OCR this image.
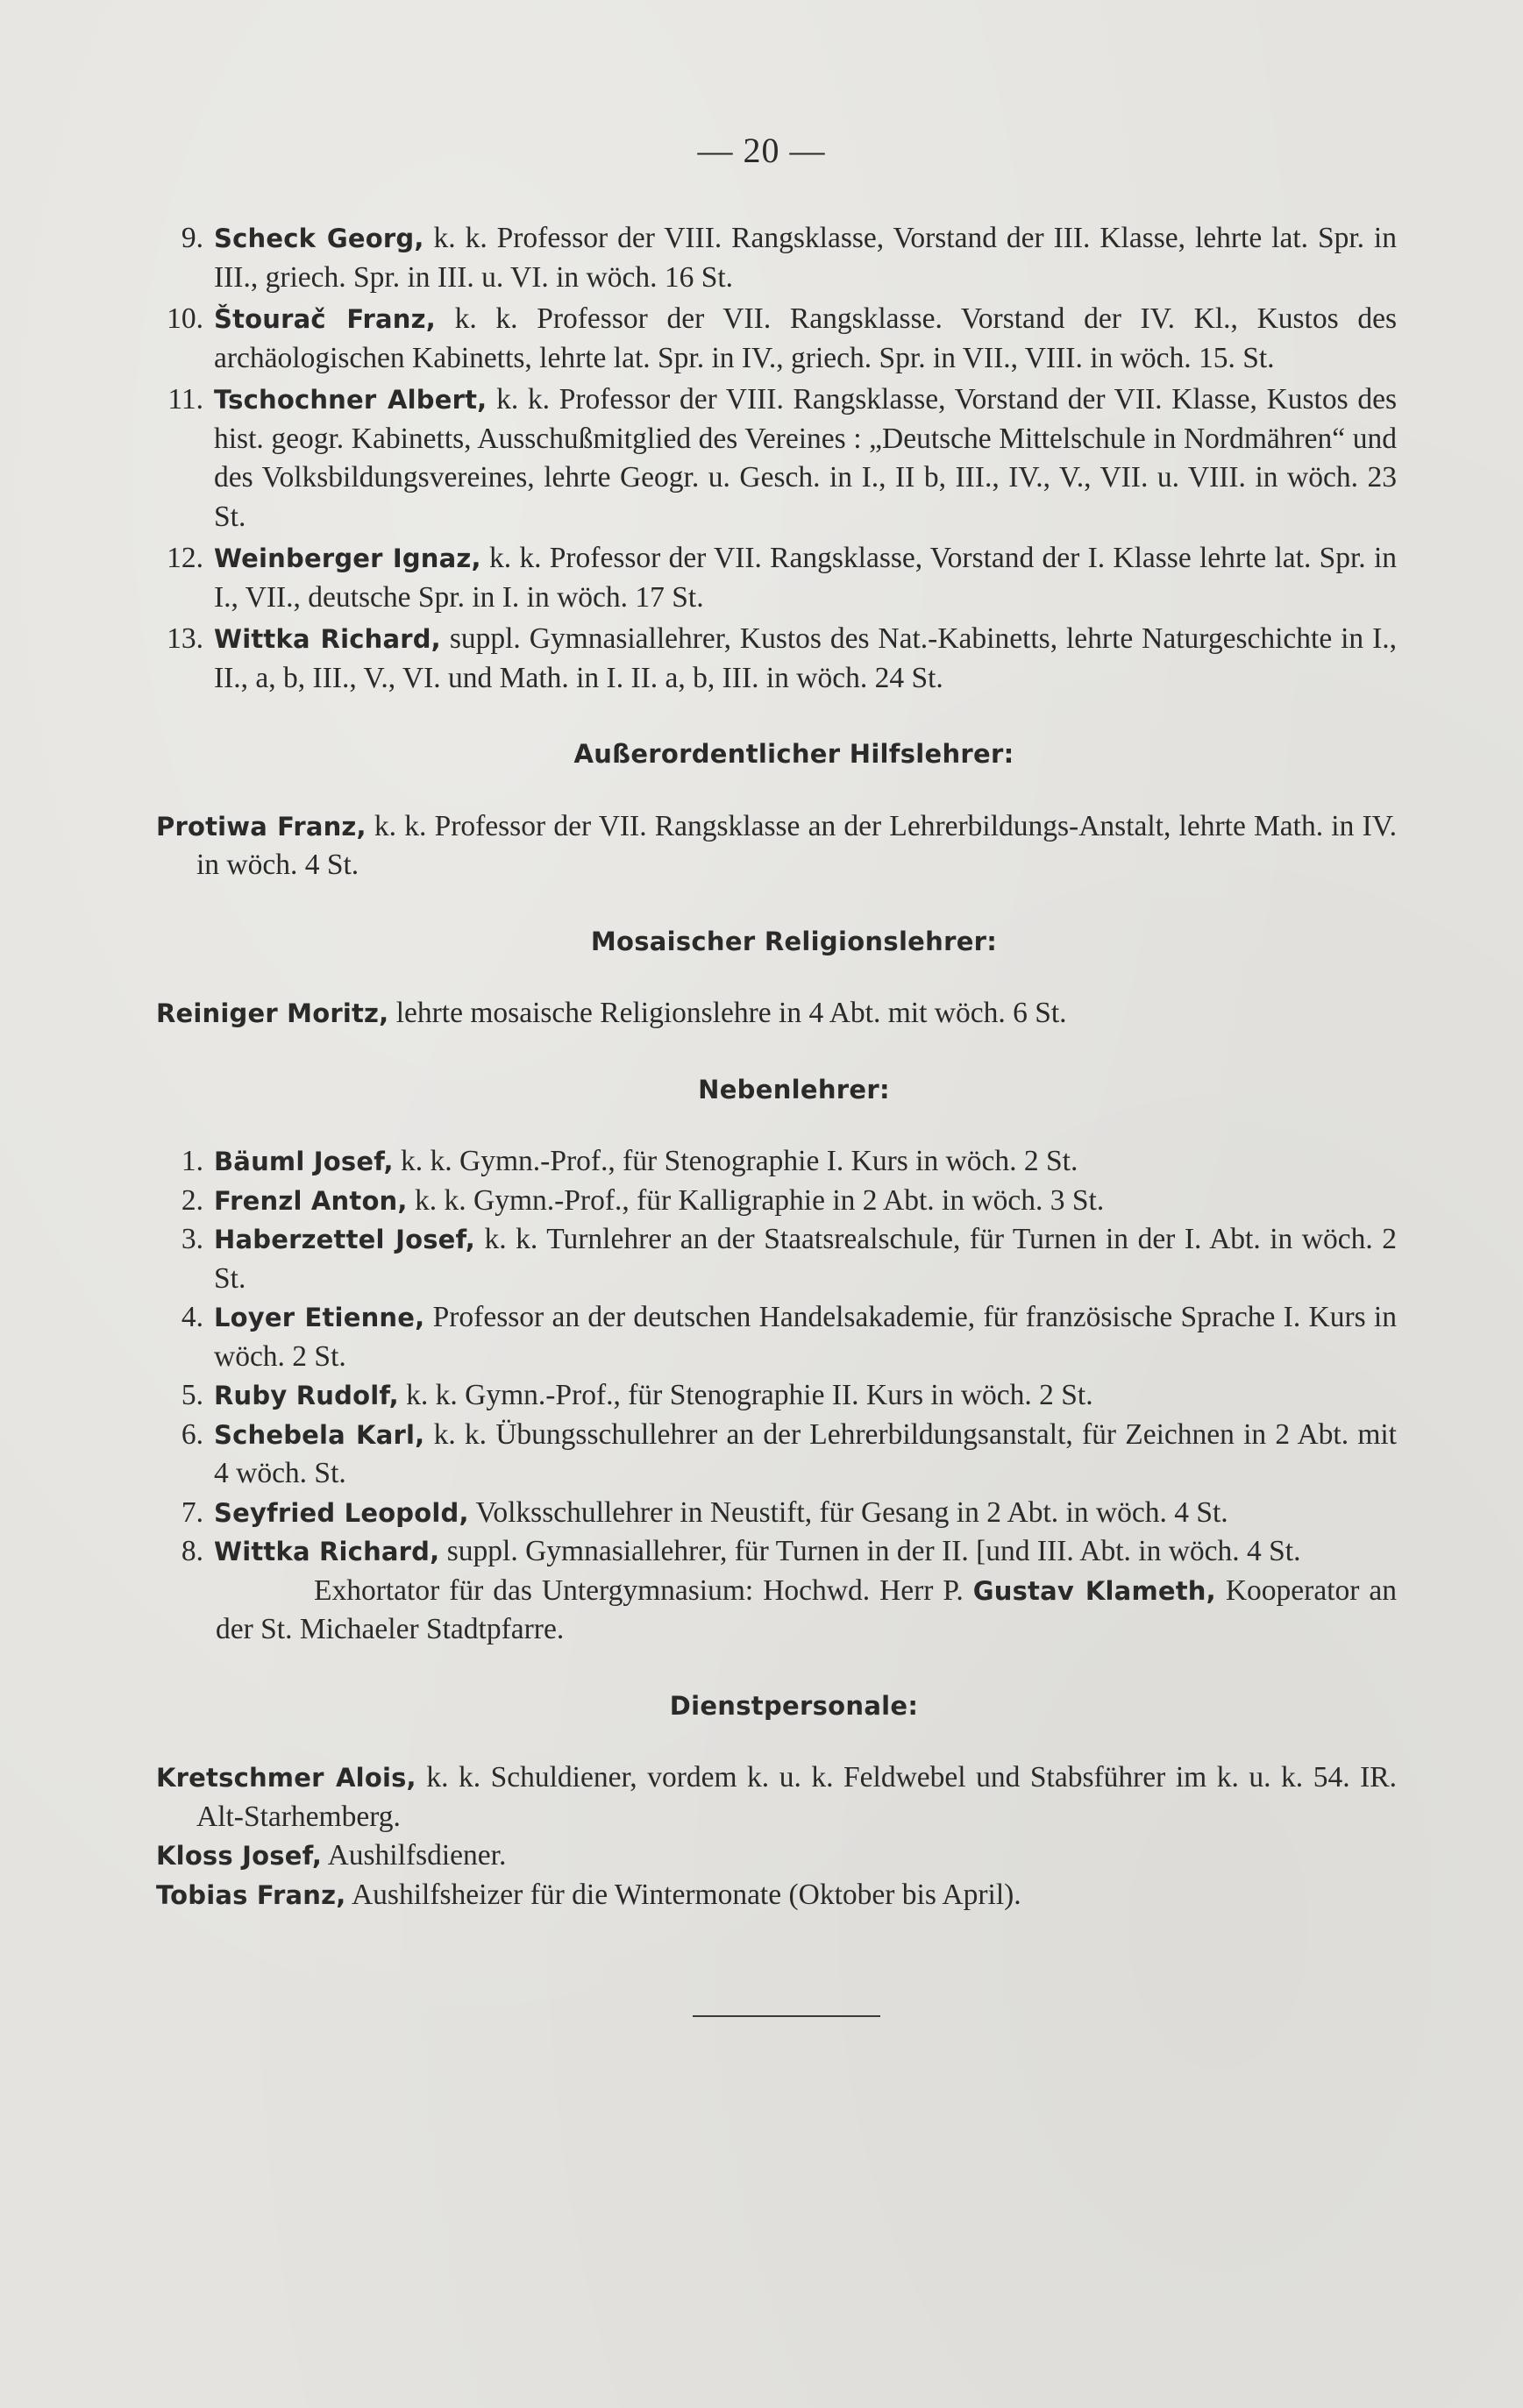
— 20 —
9. Scheck Georg, k. k. Professor der VIII. Rangsklasse, Vorstand der III. Klasse, lehrte lat. Spr. in III., griech. Spr. in III. u. VI. in wöch. 16 St.
10. Štourač Franz, k. k. Professor der VII. Rangsklasse. Vorstand der IV. Kl., Kustos des archäologischen Kabinetts, lehrte lat. Spr. in IV., griech. Spr. in VII., VIII. in wöch. 15. St.
11. Tschochner Albert, k. k. Professor der VIII. Rangsklasse, Vorstand der VII. Klasse, Kustos des hist. geogr. Kabinetts, Ausschußmitglied des Vereines : „Deutsche Mittelschule in Nordmähren“ und des Volksbildungsvereines, lehrte Geogr. u. Gesch. in I., II b, III., IV., V., VII. u. VIII. in wöch. 23 St.
12. Weinberger Ignaz, k. k. Professor der VII. Rangsklasse, Vorstand der I. Klasse lehrte lat. Spr. in I., VII., deutsche Spr. in I. in wöch. 17 St.
13. Wittka Richard, suppl. Gymnasiallehrer, Kustos des Nat.-Kabinetts, lehrte Naturgeschichte in I., II., a, b, III., V., VI. und Math. in I. II. a, b, III. in wöch. 24 St.
Außerordentlicher Hilfslehrer:
Protiwa Franz, k. k. Professor der VII. Rangsklasse an der Lehrerbildungs-Anstalt, lehrte Math. in IV. in wöch. 4 St.
Mosaischer Religionslehrer:
Reiniger Moritz, lehrte mosaische Religionslehre in 4 Abt. mit wöch. 6 St.
Nebenlehrer:
1. Bäuml Josef, k. k. Gymn.-Prof., für Stenographie I. Kurs in wöch. 2 St.
2. Frenzl Anton, k. k. Gymn.-Prof., für Kalligraphie in 2 Abt. in wöch. 3 St.
3. Haberzettel Josef, k. k. Turnlehrer an der Staatsrealschule, für Turnen in der I. Abt. in wöch. 2 St.
4. Loyer Etienne, Professor an der deutschen Handelsakademie, für französische Sprache I. Kurs in wöch. 2 St.
5. Ruby Rudolf, k. k. Gymn.-Prof., für Stenographie II. Kurs in wöch. 2 St.
6. Schebela Karl, k. k. Übungsschullehrer an der Lehrerbildungsanstalt, für Zeichnen in 2 Abt. mit 4 wöch. St.
7. Seyfried Leopold, Volksschullehrer in Neustift, für Gesang in 2 Abt. in wöch. 4 St.
8. Wittka Richard, suppl. Gymnasiallehrer, für Turnen in der II. [und III. Abt. in wöch. 4 St.
Exhortator für das Untergymnasium: Hochwd. Herr P. Gustav Klameth, Kooperator an der St. Michaeler Stadtpfarre.
Dienstpersonale:
Kretschmer Alois, k. k. Schuldiener, vordem k. u. k. Feldwebel und Stabsführer im k. u. k. 54. IR. Alt-Starhemberg.
Kloss Josef, Aushilfsdiener.
Tobias Franz, Aushilfsheizer für die Wintermonate (Oktober bis April).
